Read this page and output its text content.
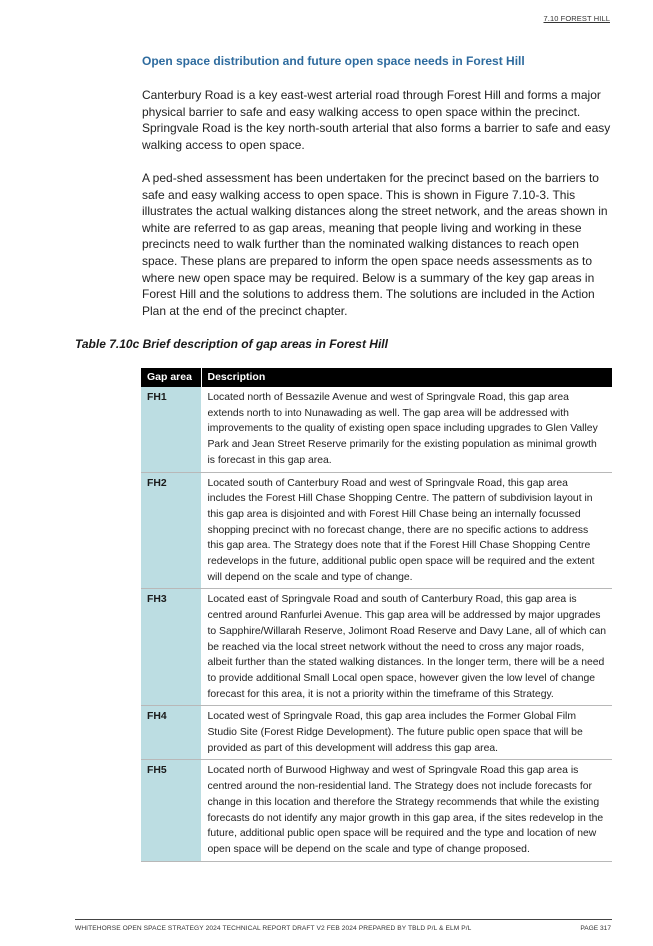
7.10 FOREST HILL
Open space distribution and future open space needs in Forest Hill

Canterbury Road is a key east-west arterial road through Forest Hill and forms a major physical barrier to safe and easy walking access to open space within the precinct. Springvale Road is the key north-south arterial that also forms a barrier to safe and easy walking access to open space.

A ped-shed assessment has been undertaken for the precinct based on the barriers to safe and easy walking access to open space. This is shown in Figure 7.10-3. This illustrates the actual walking distances along the street network, and the areas shown in white are referred to as gap areas, meaning that people living and working in these precincts need to walk further than the nominated walking distances to reach open space. These plans are prepared to inform the open space needs assessments as to where new open space may be required. Below is a summary of the key gap areas in Forest Hill and the solutions to address them. The solutions are included in the Action Plan at the end of the precinct chapter.

Table 7.10c Brief description of gap areas in Forest Hill
Gap area	Description
FH1	Located north of Bessazile Avenue and west of Springvale Road, this gap area extends north to into Nunawading as well. The gap area will be addressed with improvements to the quality of existing open space including upgrades to Glen Valley Park and Jean Street Reserve primarily for the existing population as minimal growth is forecast in this gap area.
FH2	Located south of Canterbury Road and west of Springvale Road, this gap area includes the Forest Hill Chase Shopping Centre. The pattern of subdivision layout in this gap area is disjointed and with Forest Hill Chase being an internally focussed shopping precinct with no forecast change, there are no specific actions to address this gap area. The Strategy does note that if the Forest Hill Chase Shopping Centre redevelops in the future, additional public open space will be required and the extent will depend on the scale and type of change.
FH3	Located east of Springvale Road and south of Canterbury Road, this gap area is centred around Ranfurlei Avenue. This gap area will be addressed by major upgrades to Sapphire/Willarah Reserve, Jolimont Road Reserve and Davy Lane, all of which can be reached via the local street network without the need to cross any major roads, albeit further than the stated walking distances. In the longer term, there will be a need to provide additional Small Local open space, however given the low level of change forecast for this area, it is not a priority within the timeframe of this Strategy.
FH4	Located west of Springvale Road, this gap area includes the Former Global Film Studio Site (Forest Ridge Development). The future public open space that will be provided as part of this development will address this gap area.
FH5	Located north of Burwood Highway and west of Springvale Road this gap area is centred around the non-residential land. The Strategy does not include forecasts for change in this location and therefore the Strategy recommends that while the existing forecasts do not identify any major growth in this gap area, if the sites redevelop in the future, additional public open space will be required and the type and location of new open space will be depend on the scale and type of change proposed.
WHITEHORSE OPEN SPACE STRATEGY 2024 TECHNICAL REPORT DRAFT V2 FEB 2024 PREPARED BY TBLD P/L & ELM P/L	PAGE 317
